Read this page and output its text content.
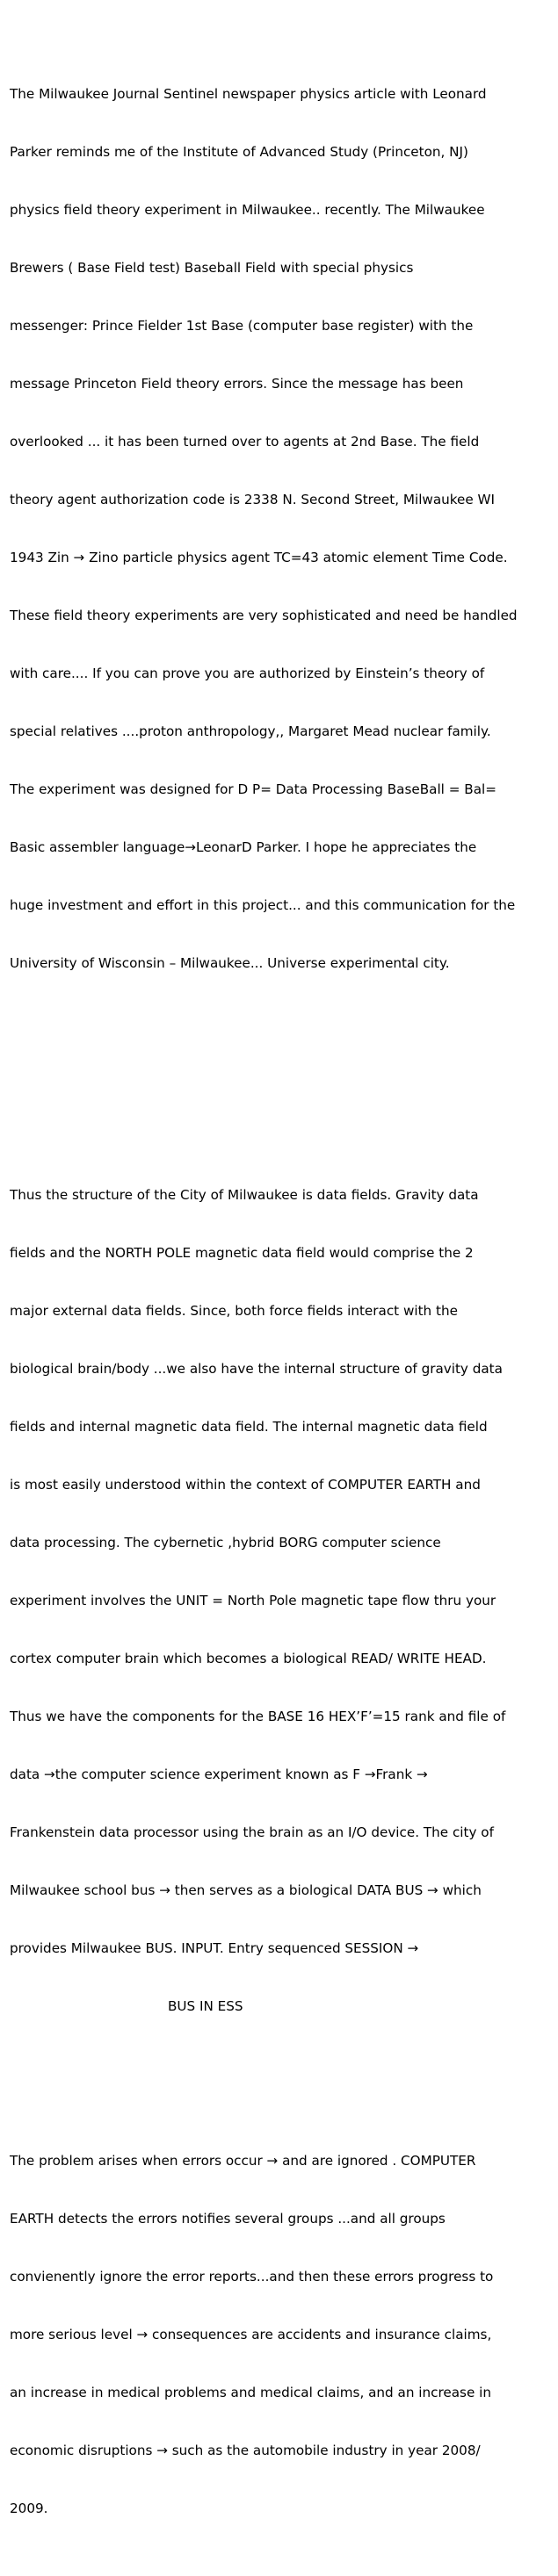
The Milwaukee Journal Sentinel newspaper physics article with Leonard

Parker reminds me of the Institute of Advanced Study (Princeton, NJ)

physics field theory experiment in Milwaukee.. recently. The Milwaukee

Brewers ( Base Field test) Baseball Field with special physics

messenger: Prince Fielder 1st Base (computer base register) with the

message Princeton Field theory errors. Since the message has been

overlooked ... it has been turned over to agents at 2nd Base. The field

theory agent authorization code is 2338 N. Second Street, Milwaukee WI

1943 Zin → Zino particle physics agent TC=43 atomic element Time Code.

These field theory experiments are very sophisticated and need be handled

with care.... If you can prove you are authorized by Einstein’s theory of

special relatives ....proton anthropology,, Margaret Mead nuclear family.

The experiment was designed for D P= Data Processing BaseBall = Bal=

Basic assembler language→LeonarD Parker. I hope he appreciates the

huge investment and effort in this project... and this communication for the

University of Wisconsin – Milwaukee... Universe experimental city.

Thus the structure of the City of Milwaukee is data fields. Gravity data

fields and the NORTH POLE magnetic data field would comprise the 2

major external data fields. Since, both force fields interact with the

biological brain/body ...we also have the internal structure of gravity data

fields and internal magnetic data field. The internal magnetic data field

is most easily understood within the context of COMPUTER EARTH and

data processing. The cybernetic ,hybrid BORG computer science

experiment involves the UNIT = North Pole magnetic tape flow thru your

cortex computer brain which becomes a biological READ/ WRITE HEAD.

Thus we have the components for the BASE 16 HEX’F’=15 rank and file of

data →the computer science experiment known as F →Frank →

Frankenstein data processor using the brain as an I/O device. The city of

Milwaukee school bus → then serves as a biological DATA BUS → which

provides Milwaukee BUS. INPUT. Entry sequenced SESSION →

BUS IN ESS

The problem arises when errors occur → and are ignored . COMPUTER

EARTH detects the errors notifies several groups ...and all groups

convienently ignore the error reports...and then these errors progress to

more serious level → consequences are accidents and insurance claims,

an increase in medical problems and medical claims, and an increase in

economic disruptions → such as the automobile industry in year 2008/

2009.
